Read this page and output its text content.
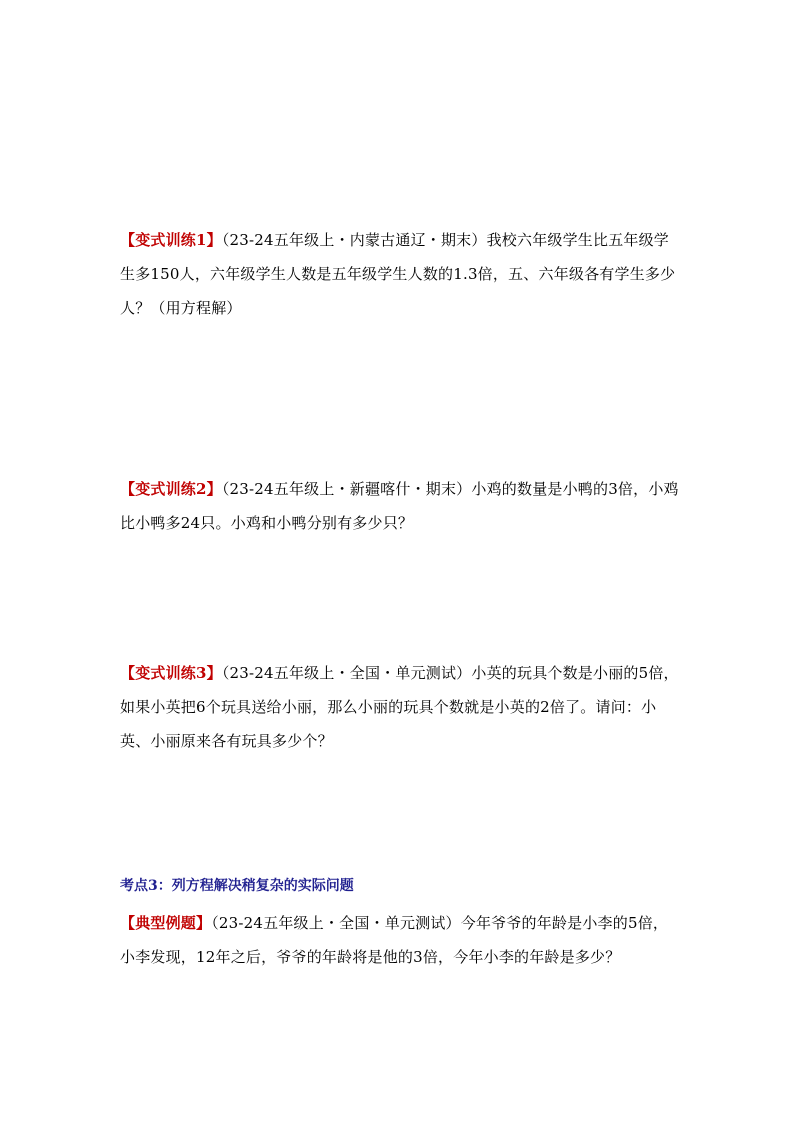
【变式训练1】（23-24五年级上・内蒙古通辽・期末）我校六年级学生比五年级学生多150人，六年级学生人数是五年级学生人数的1.3倍，五、六年级各有学生多少人？（用方程解）
【变式训练2】（23-24五年级上・新疆喀什・期末）小鸡的数量是小鸭的3倍，小鸡比小鸭多24只。小鸡和小鸭分别有多少只？
【变式训练3】（23-24五年级上・全国・单元测试）小英的玩具个数是小丽的5倍，如果小英把6个玩具送给小丽，那么小丽的玩具个数就是小英的2倍了。请问：小英、小丽原来各有玩具多少个？
考点3：列方程解决稍复杂的实际问题
【典型例题】（23-24五年级上・全国・单元测试）今年爷爷的年龄是小李的5倍，小李发现，12年之后，爷爷的年龄将是他的3倍，今年小李的年龄是多少？
